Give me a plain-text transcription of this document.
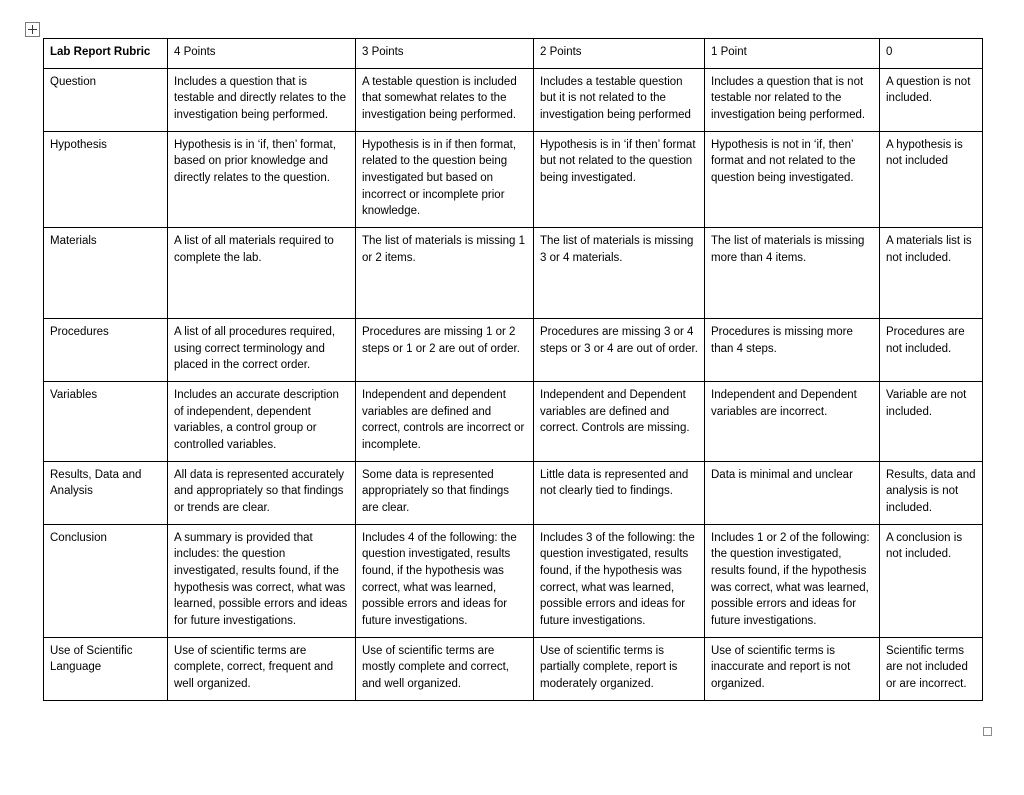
Lab Report Rubric	4 Points	3 Points	2 Points	1 Point	0
Question	Includes a question that is testable and directly relates to the investigation being performed.	A testable question is included that somewhat relates to the investigation being performed.	Includes a testable question but it is not related to the investigation being performed	Includes a question that is not testable nor related to the investigation being performed.	A question is not included.
Hypothesis	Hypothesis is in ‘if, then’ format, based on prior knowledge and directly relates to the question.	Hypothesis is in if then format, related to the question being investigated but based on incorrect or incomplete prior knowledge.	Hypothesis is in ‘if then’ format but not related to the question being investigated.	Hypothesis is not in ‘if, then’ format and not related to the question being investigated.	A hypothesis is not included
Materials	A list of all materials required to complete the lab.	The list of materials is missing 1 or 2 items.	The list of materials is missing 3 or 4 materials.	The list of materials is missing more than 4 items.	A materials list is not included.
Procedures	A list of all procedures required, using correct terminology and placed in the correct order.	Procedures are missing 1 or 2 steps or 1 or 2 are out of order.	Procedures are missing 3 or 4 steps or 3 or 4 are out of order.	Procedures is missing more than 4 steps.	Procedures are not included.
Variables	Includes an accurate description of independent, dependent variables, a control group or controlled variables.	Independent and dependent variables are defined and correct, controls are incorrect or incomplete.	Independent and Dependent variables are defined and correct. Controls are missing.	Independent and Dependent variables are incorrect.	Variable are not included.
Results, Data and Analysis	All data is represented accurately and appropriately so that findings or trends are clear.	Some data is represented appropriately so that findings are clear.	Little data is represented and not clearly tied to findings.	Data is minimal and unclear	Results, data and analysis is not included.
Conclusion	A summary is provided that includes: the question investigated, results found, if the hypothesis was correct, what was learned, possible errors and ideas for future investigations.	Includes 4 of the following: the question investigated, results found, if the hypothesis was correct, what was learned, possible errors and ideas for future investigations.	Includes 3 of the following: the question investigated, results found, if the hypothesis was correct, what was learned, possible errors and ideas for future investigations.	Includes 1 or 2 of the following: the question investigated, results found, if the hypothesis was correct, what was learned, possible errors and ideas for future investigations.	A conclusion is not included.
Use of Scientific Language	Use of scientific terms are complete, correct, frequent and well organized.	Use of scientific terms are mostly complete and correct, and well organized.	Use of scientific terms is partially complete, report is moderately organized.	Use of scientific terms is inaccurate and report is not organized.	Scientific terms are not included or are incorrect.
